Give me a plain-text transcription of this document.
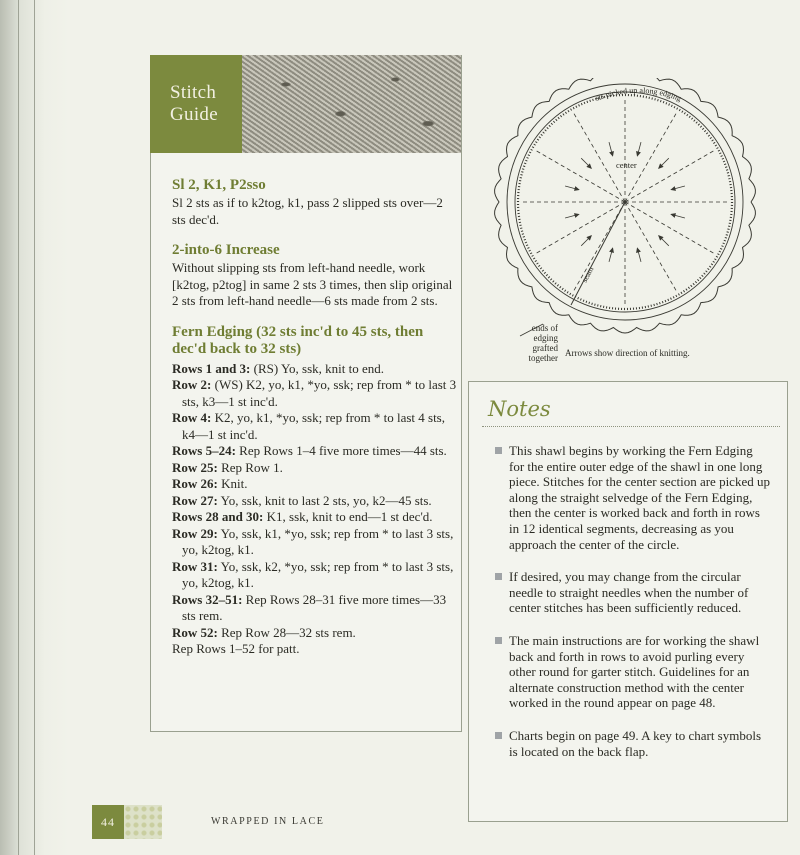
Stitch
Guide

Sl 2, K1, P2sso

Sl 2 sts as if to k2tog, k1, pass 2 slipped sts over—2 sts dec'd.

2-into-6 Increase

Without slipping sts from left-hand needle, work [k2tog, p2tog] in same 2 sts 3 times, then slip original 2 sts from left-hand needle—6 sts made from 2 sts.

Fern Edging (32 sts inc'd to 45 sts, then dec'd back to 32 sts)

Rows 1 and 3: (RS) Yo, ssk, knit to end.

Row 2: (WS) K2, yo, k1, *yo, ssk; rep from * to last 3 sts, k3—1 st inc'd.

Row 4: K2, yo, k1, *yo, ssk; rep from * to last 4 sts, k4—1 st inc'd.

Rows 5–24: Rep Rows 1–4 five more times—44 sts.

Row 25: Rep Row 1.

Row 26: Knit.

Row 27: Yo, ssk, knit to last 2 sts, yo, k2—45 sts.

Rows 28 and 30: K1, ssk, knit to end—1 st dec'd.

Row 29: Yo, ssk, k1, *yo, ssk; rep from * to last 3 sts, yo, k2tog, k1.

Row 31: Yo, ssk, k2, *yo, ssk; rep from * to last 3 sts, yo, k2tog, k1.

Rows 32–51: Rep Rows 28–31 five more times—33 sts rem.

Row 52: Rep Row 28—32 sts rem.

Rep Rows 1–52 for patt.

sts picked up along edging
center
seam
ends of
edging
grafted
together Arrows show direction of knitting.
Notes
This shawl begins by working the Fern Edging for the entire outer edge of the shawl in one long piece. Stitches for the center section are picked up along the straight selvedge of the Fern Edging, then the center is worked back and forth in rows in 12 identical segments, decreasing as you approach the center of the circle.
If desired, you may change from the circular needle to straight needles when the number of center stitches has been sufficiently reduced.
The main instructions are for working the shawl back and forth in rows to avoid purling every other round for garter stitch. Guidelines for an alternate construction method with the center worked in the round appear on page 48.
Charts begin on page 49. A key to chart symbols is located on the back flap.
44	WRAPPED IN LACE
